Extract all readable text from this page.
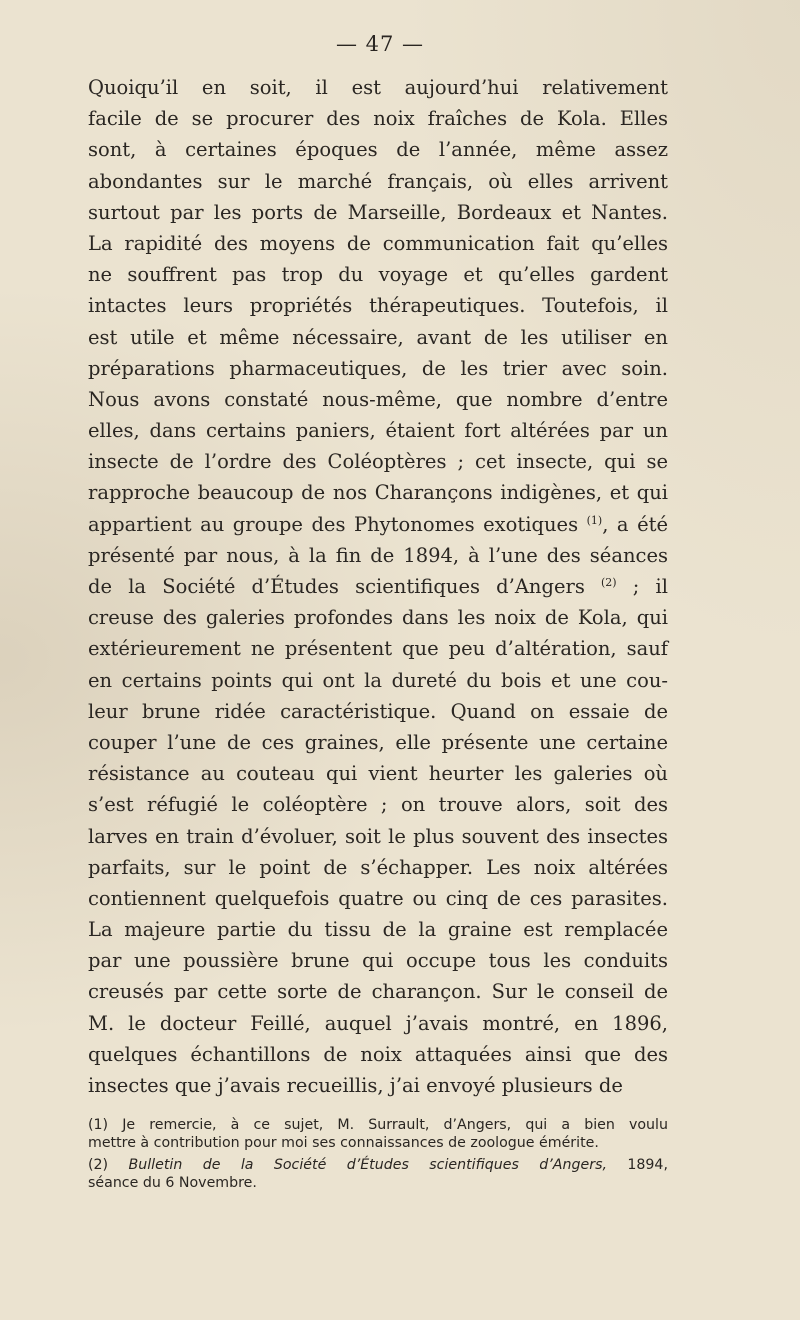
— 47 —
Quoiqu’il en soit, il est aujourd’hui relativement
facile de se procurer des noix fraîches de Kola. Elles
sont, à certaines époques de l’année, même assez
abondantes sur le marché français, où elles arrivent
surtout par les ports de Marseille, Bordeaux et Nantes.
La rapidité des moyens de communication fait qu’elles
ne souffrent pas trop du voyage et qu’elles gardent
intactes leurs propriétés thérapeutiques. Toutefois, il
est utile et même nécessaire, avant de les utiliser en
préparations pharmaceutiques, de les trier avec soin.
Nous avons constaté nous-même, que nombre d’entre
elles, dans certains paniers, étaient fort altérées par un
insecte de l’ordre des Coléoptères ; cet insecte, qui se
rapproche beaucoup de nos Charançons indigènes, et qui
appartient au groupe des Phytonomes exotiques $^{(1)}$, a été
présenté par nous, à la fin de 1894, à l’une des séances
de la Société d’Études scientifiques d’Angers $^{(2)}$ ; il
creuse des galeries profondes dans les noix de Kola, qui
extérieurement ne présentent que peu d’altération, sauf
en certains points qui ont la dureté du bois et une cou-
leur brune ridée caractéristique. Quand on essaie de
couper l’une de ces graines, elle présente une certaine
résistance au couteau qui vient heurter les galeries où
s’est réfugié le coléoptère ; on trouve alors, soit des
larves en train d’évoluer, soit le plus souvent des insectes
parfaits, sur le point de s’échapper. Les noix altérées
contiennent quelquefois quatre ou cinq de ces parasites.
La majeure partie du tissu de la graine est remplacée
par une poussière brune qui occupe tous les conduits
creusés par cette sorte de charançon. Sur le conseil de
M. le docteur Feillé, auquel j’avais montré, en 1896,
quelques échantillons de noix attaquées ainsi que des
insectes que j’avais recueillis, j’ai envoyé plusieurs de
(1) Je remercie, à ce sujet, M. Surrault, d’Angers, qui a bien voulu
mettre à contribution pour moi ses connaissances de zoologue émérite.
(2) Bulletin de la Société d’Études scientifiques d’Angers, 1894,
séance du 6 Novembre.
